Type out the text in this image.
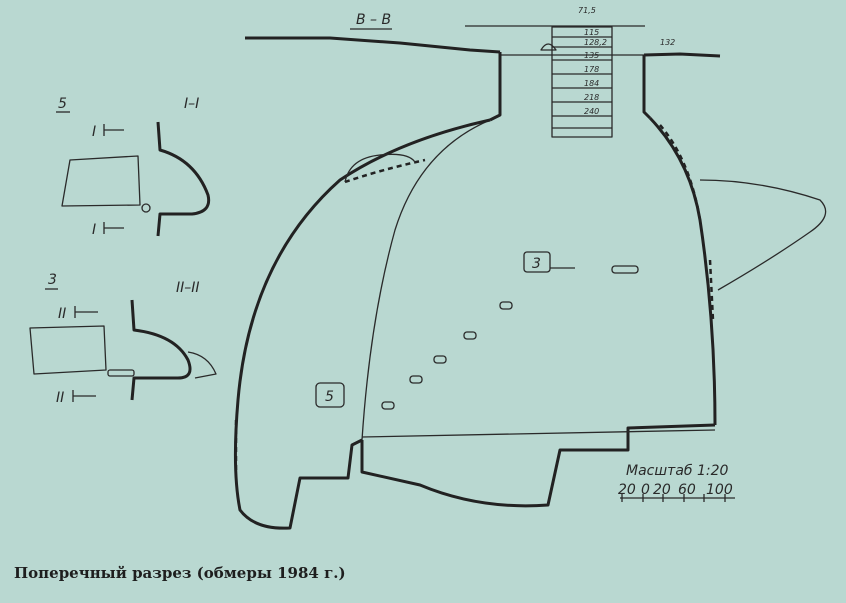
71,5
115
128,2
135
178
184
218
240
132
В – В
3
5
5	I–I
I
I
3	II–II
II
II
Масштаб 1:20
20 0 20 60 100
Поперечный разрез (обмеры 1984 г.)
